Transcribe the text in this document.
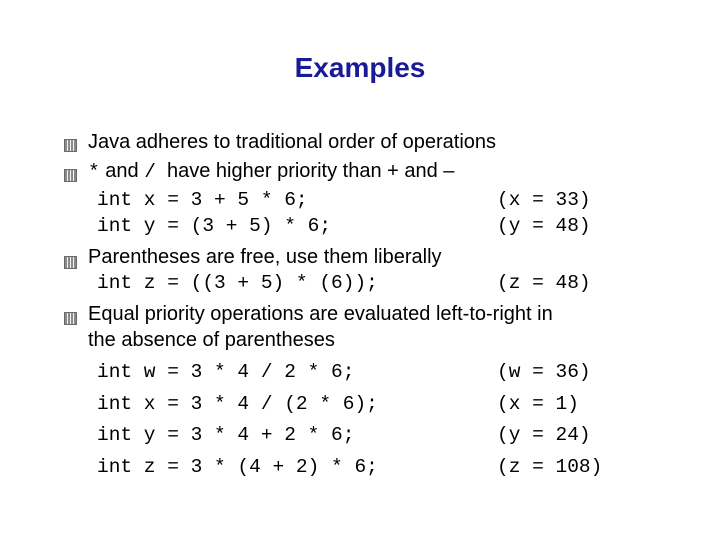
Examples
Java adheres to traditional order of operations
* and /  have higher priority than + and –
int x = 3 + 5 * 6;	(x = 33)
int y = (3 + 5) * 6;	(y = 48)
Parentheses are free, use them liberally
int z = ((3 + 5) * (6));	(z = 48)
Equal priority operations are evaluated left-to-right in
the absence of parentheses
int w = 3 * 4 / 2 * 6;	(w = 36)
int x = 3 * 4 / (2 * 6);	(x = 1)
int y = 3 * 4 + 2 * 6;	(y = 24)
int z = 3 * (4 + 2) * 6;	(z = 108)
